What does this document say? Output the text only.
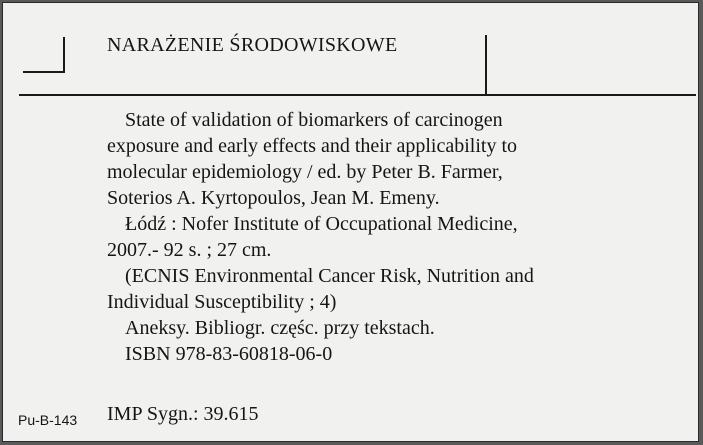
NARAŻENIE ŚRODOWISKOWE

State of validation of biomarkers of carcinogen

exposure and early effects and their applicability to

molecular epidemiology / ed. by Peter B. Farmer,

Soterios A. Kyrtopoulos, Jean M. Emeny.

Łódź : Nofer Institute of Occupational Medicine,

2007.- 92 s. ; 27 cm.

(ECNIS Environmental Cancer Risk, Nutrition and

Individual Susceptibility ; 4)

Aneksy. Bibliogr. częśc. przy tekstach.

ISBN 978-83-60818-06-0

Pu-B-143 IMP Sygn.: 39.615
